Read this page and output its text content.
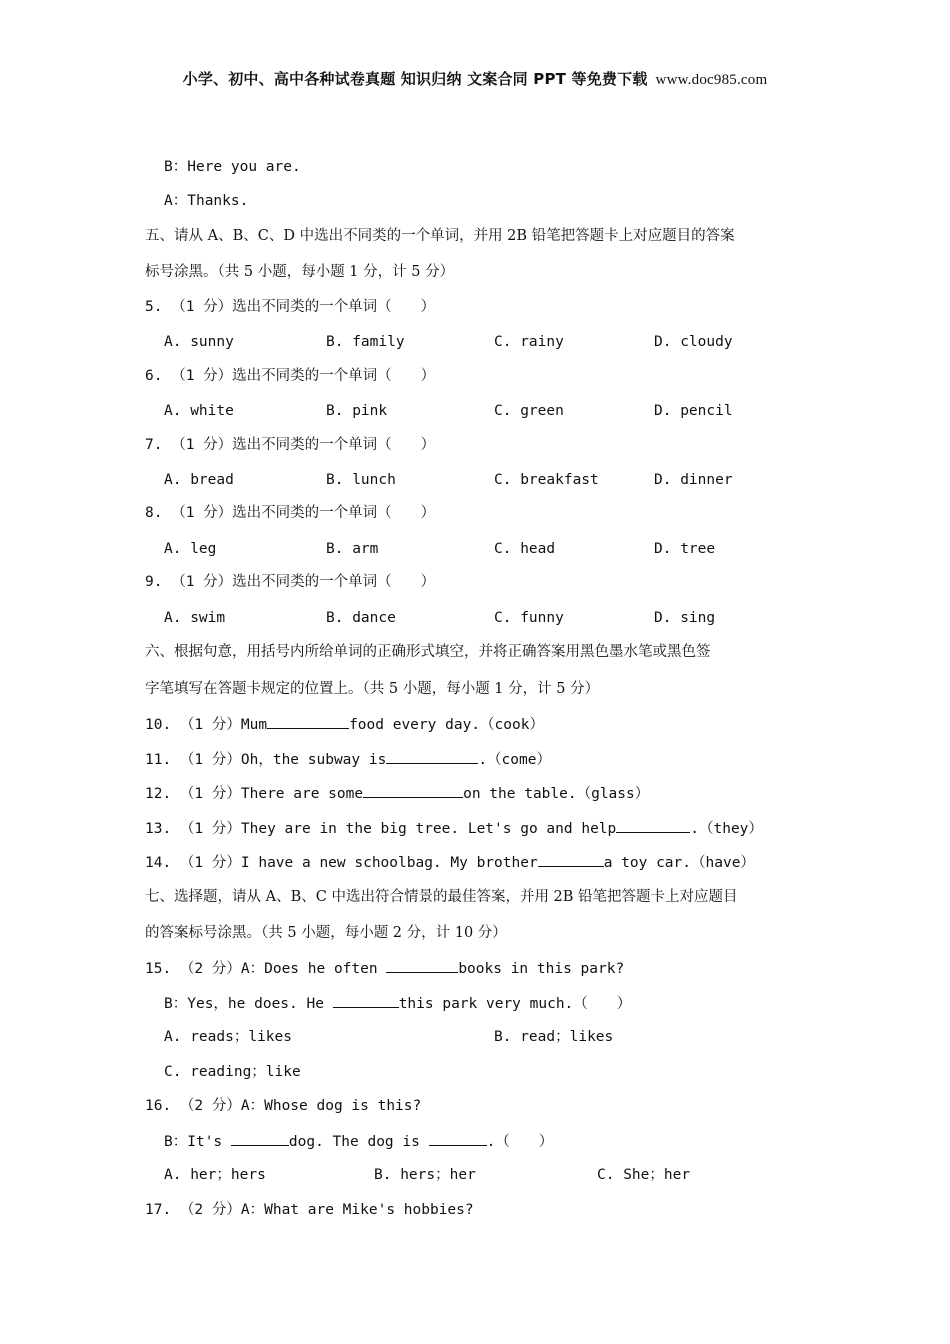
小学、初中、高中各种试卷真题 知识归纳 文案合同 PPT 等免费下载 www.doc985.com
B：Here you are.
A：Thanks.
五、请从 A、B、C、D 中选出不同类的一个单词，并用 2B 铅笔把答题卡上对应题目的答案
标号涂黑。（共 5 小题，每小题 1 分，计 5 分）
5. （1 分）选出不同类的一个单词（　　）
A. sunny	B. family	C. rainy	D. cloudy
6. （1 分）选出不同类的一个单词（　　）
A. white	B. pink	C. green	D. pencil
7. （1 分）选出不同类的一个单词（　　）
A. bread	B. lunch	C. breakfast	D. dinner
8. （1 分）选出不同类的一个单词（　　）
A. leg	B. arm	C. head	D. tree
9. （1 分）选出不同类的一个单词（　　）
A. swim	B. dance	C. funny	D. sing
六、根据句意，用括号内所给单词的正确形式填空，并将正确答案用黑色墨水笔或黑色签
字笔填写在答题卡规定的位置上。（共 5 小题，每小题 1 分，计 5 分）
10. （1 分）Mum	food every day.（cook）
11. （1 分）Oh，the subway is	.（come）
12. （1 分）There are some	on the table.（glass）
13. （1 分）They are in the big tree. Let's go and help	.（they）
14. （1 分）I have a new schoolbag. My brother	a toy car.（have）
七、选择题，请从 A、B、C 中选出符合情景的最佳答案，并用 2B 铅笔把答题卡上对应题目
的答案标号涂黑。（共 5 小题，每小题 2 分，计 10 分）
15. （2 分）A：Does he often	books in this park?
B：Yes，he does. He	this park very much.（　　）
A. reads；likes	B. read；likes
C. reading；like
16. （2 分）A：Whose dog is this?
B：It's	dog. The dog is	.（　　）
A. her；hers	B. hers；her	C. She；her
17. （2 分）A：What are Mike's hobbies?
